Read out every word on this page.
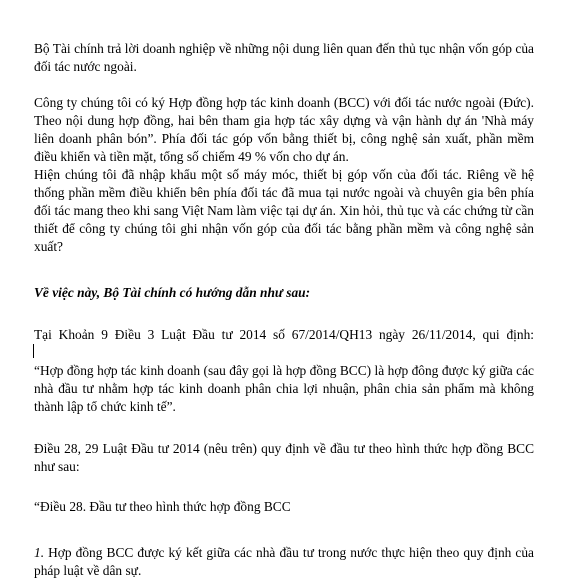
Bộ Tài chính trả lời doanh nghiệp về những nội dung liên quan đến thủ tục nhận vốn góp của đối tác nước ngoài.

Công ty chúng tôi có ký Hợp đồng hợp tác kinh doanh (BCC) với đối tác nước ngoài (Đức). Theo nội dung hợp đồng, hai bên tham gia hợp tác xây dựng và vận hành dự án 'Nhà máy liên doanh phân bón”. Phía đối tác góp vốn bằng thiết bị, công nghệ sản xuất, phần mềm điều khiển và tiền mặt, tổng số chiếm 49 % vốn cho dự án.

Hiện chúng tôi đã nhập khẩu một số máy móc, thiết bị góp vốn của đối tác. Riêng về hệ thống phần mềm điều khiển bên phía đối tác đã mua tại nước ngoài và chuyên gia bên phía đối tác mang theo khi sang Việt Nam làm việc tại dự án. Xin hỏi, thủ tục và các chứng từ cần thiết để công ty chúng tôi ghi nhận vốn góp của đối tác bằng phần mềm và công nghệ sản xuất?

Về việc này, Bộ Tài chính có hướng dẫn như sau:

Tại Khoản 9 Điều 3 Luật Đầu tư 2014 số 67/2014/QH13 ngày 26/11/2014, qui định:

“Hợp đồng hợp tác kinh doanh (sau đây gọi là hợp đồng BCC) là hợp đông được ký giữa các nhà đầu tư nhằm hợp tác kinh doanh phân chia lợi nhuận, phân chia sản phẩm mà không thành lập tổ chức kinh tế”.

Điều 28, 29 Luật Đầu tư 2014 (nêu trên) quy định về đầu tư theo hình thức hợp đồng BCC như sau:

“Điều 28. Đầu tư theo hình thức hợp đồng BCC

1. Hợp đồng BCC được ký kết giữa các nhà đầu tư trong nước thực hiện theo quy định của pháp luật về dân sự.
